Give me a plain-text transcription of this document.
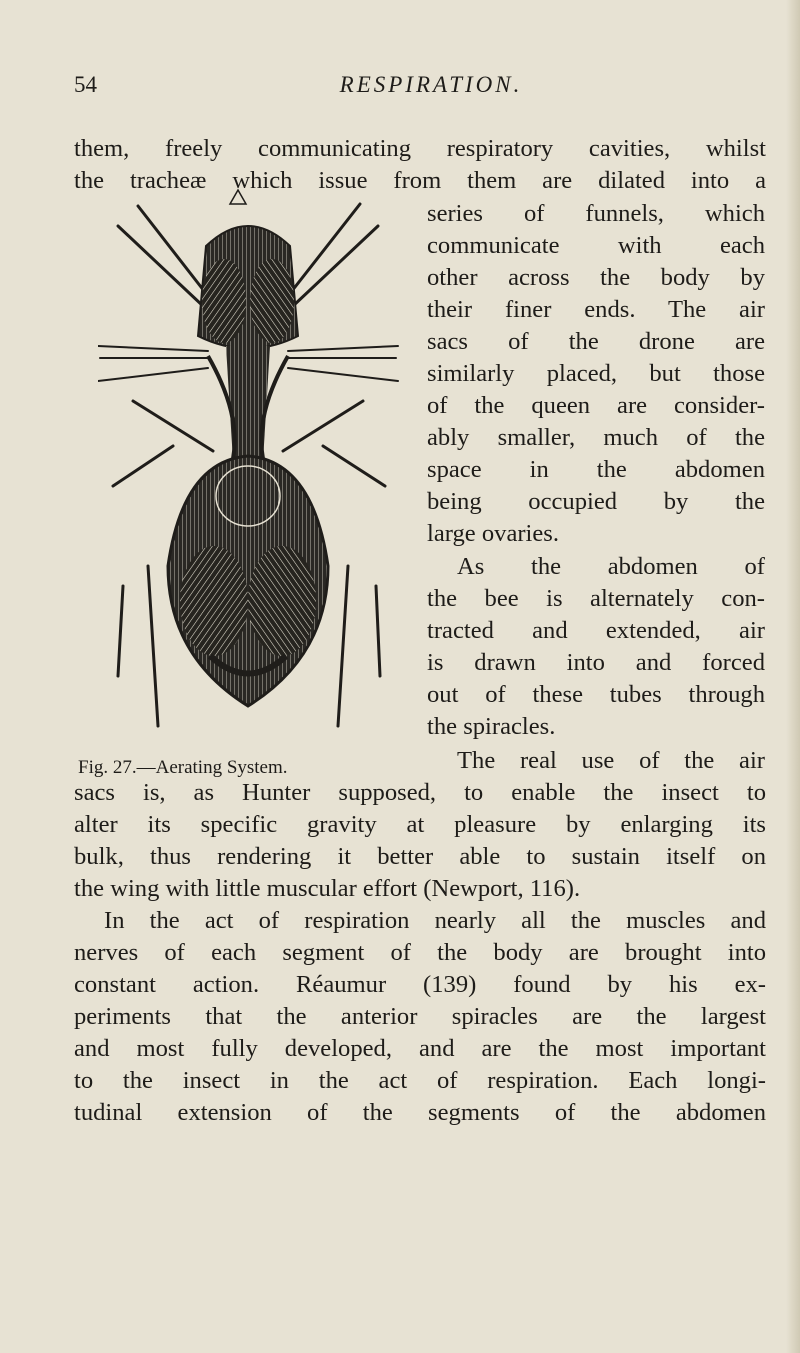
54	RESPIRATION.
them, freely communicating respiratory cavities, whilst
the tracheæ which issue from them are dilated into a
series of funnels, which
communicate with each
other across the body by
their finer ends. The air
sacs of the drone are
similarly placed, but those
of the queen are consider-
ably smaller, much of the
space in the abdomen
being occupied by the
large ovaries.
As the abdomen of
the bee is alternately con-
tracted and extended, air
is drawn into and forced
out of these tubes through
the spiracles.
The real use of the air
sacs is, as Hunter supposed, to enable the insect to
alter its specific gravity at pleasure by enlarging its
bulk, thus rendering it better able to sustain itself on
the wing with little muscular effort (Newport, 116).
In the act of respiration nearly all the muscles and
nerves of each segment of the body are brought into
constant action. Réaumur (139) found by his ex-
periments that the anterior spiracles are the largest
and most fully developed, and are the most important
to the insect in the act of respiration. Each longi-
tudinal extension of the segments of the abdomen
Fig. 27.—Aerating System.
